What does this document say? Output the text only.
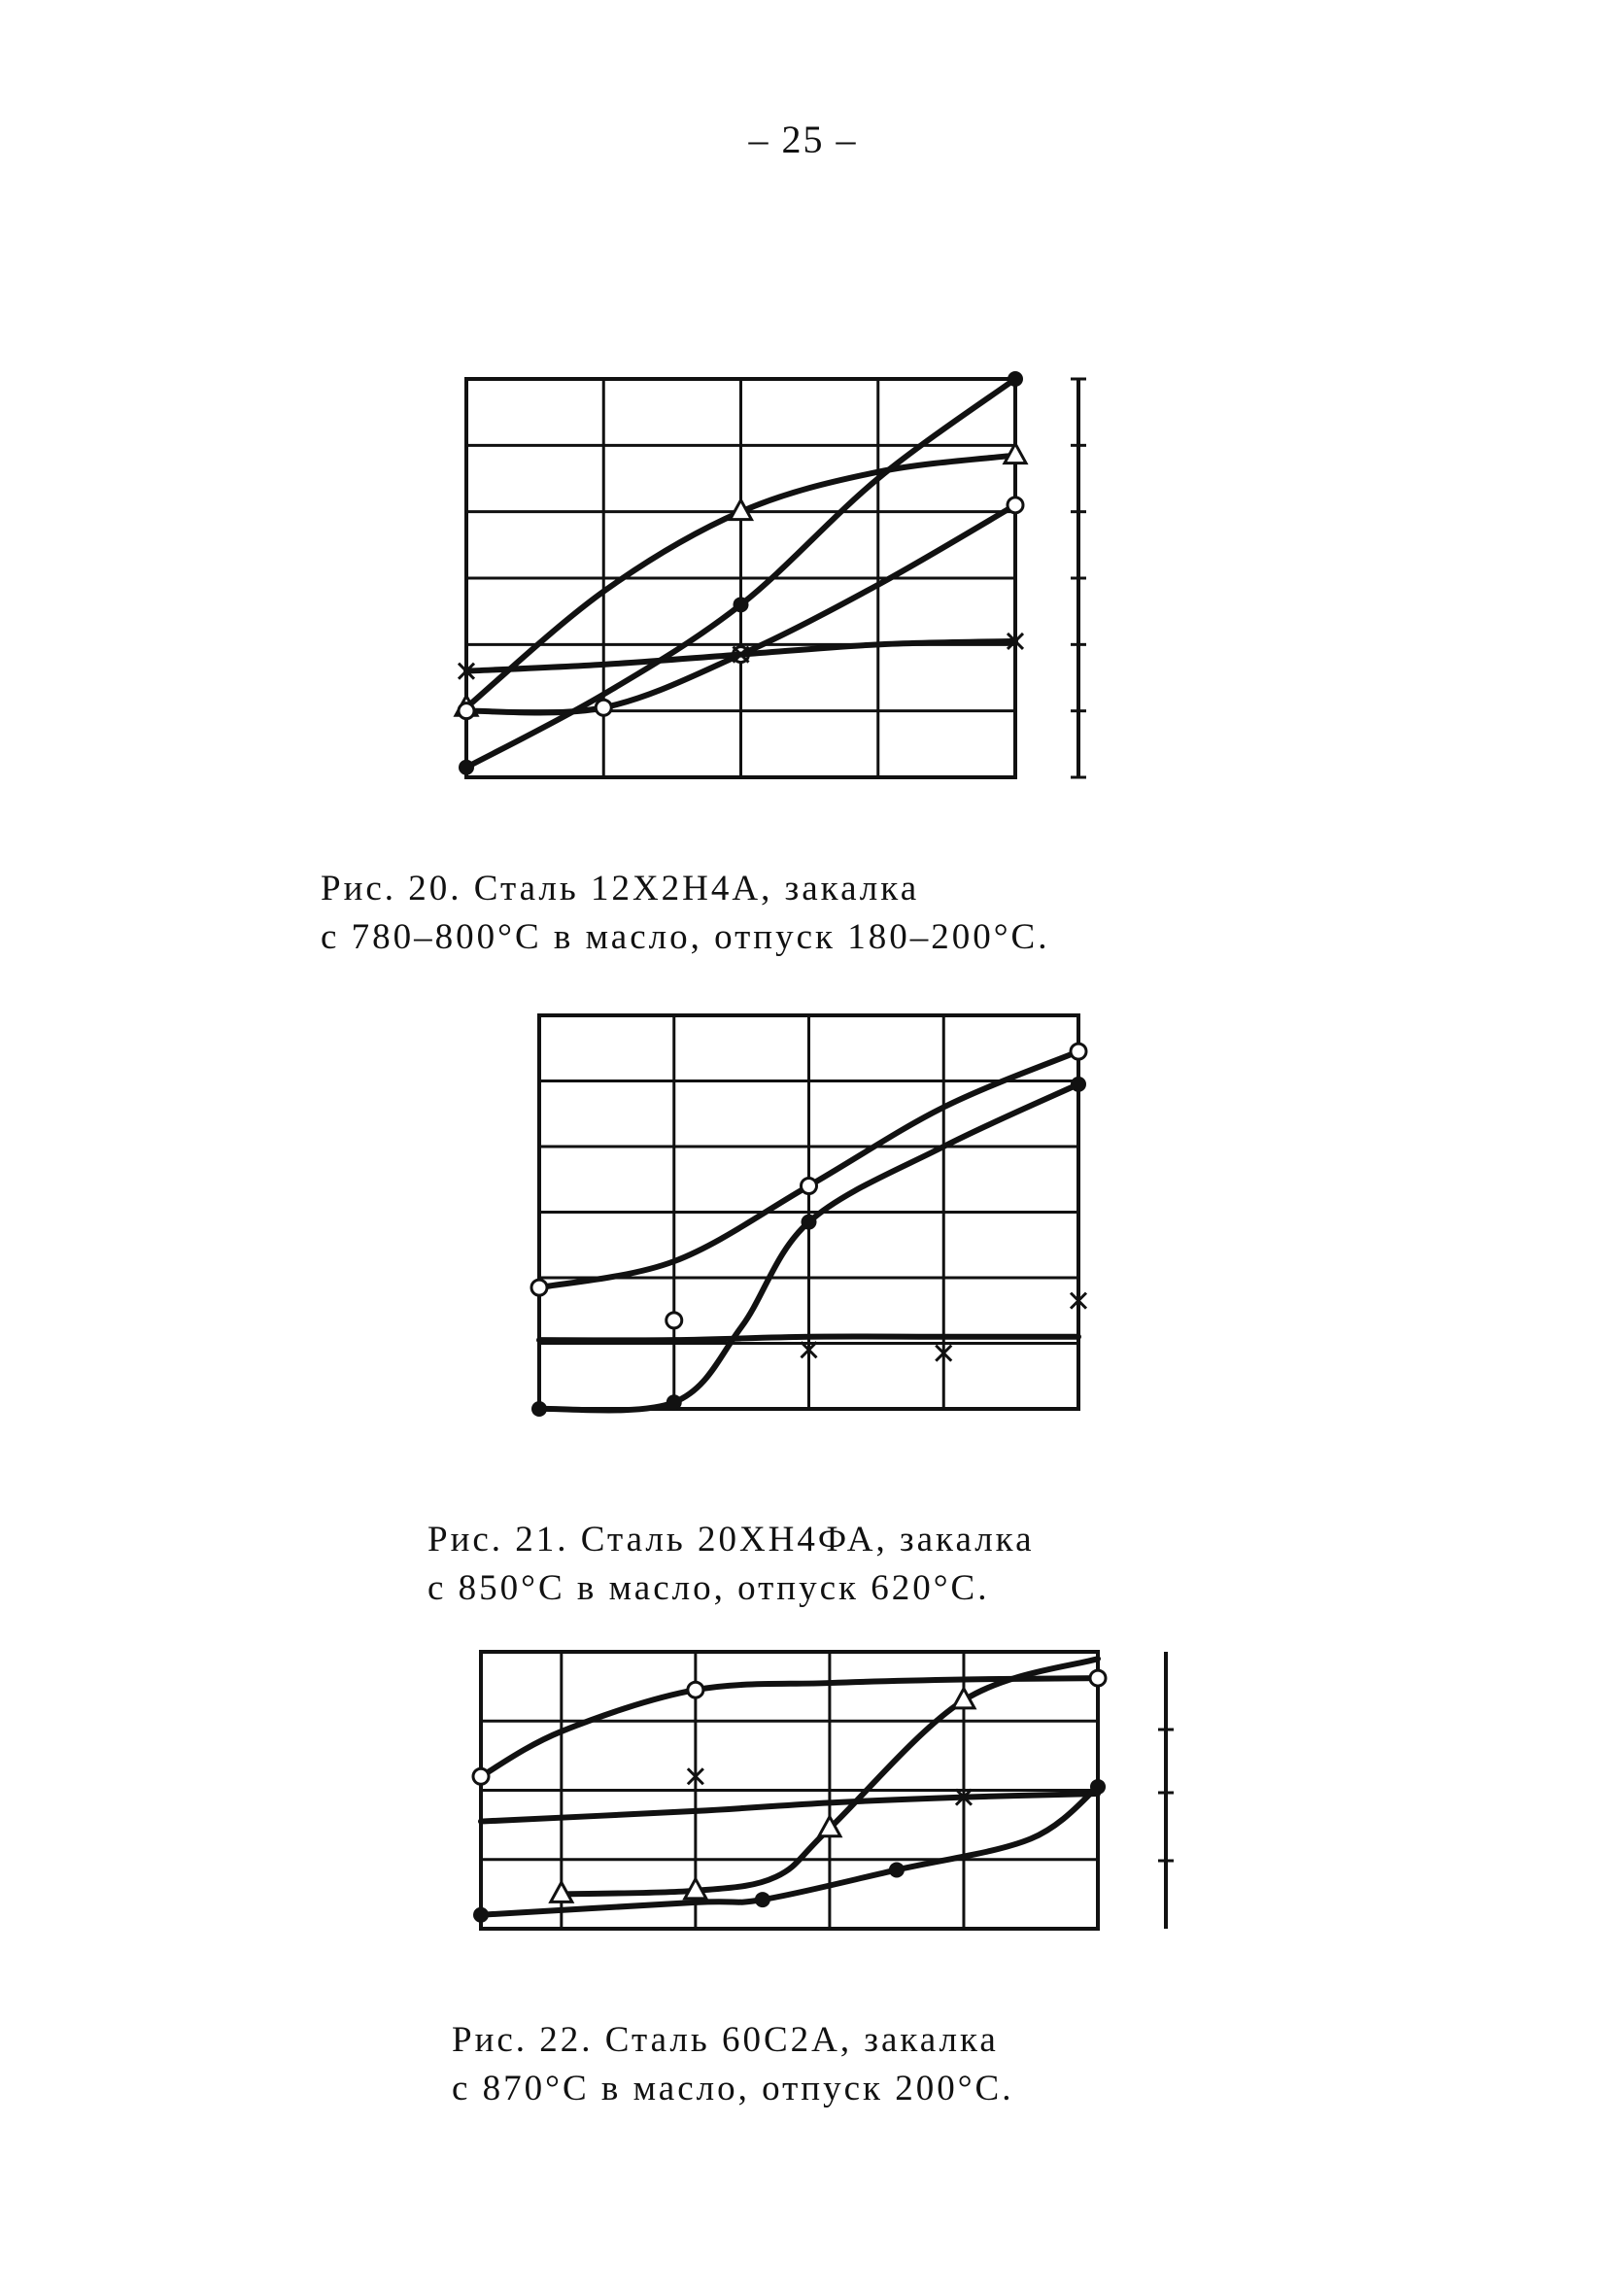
– 25 –
Рис. 20. Сталь 12Х2Н4А, закалка
с 780–800°С в масло, отпуск 180–200°С.
Рис. 21. Сталь 20ХН4ФА, закалка
с 850°С в масло, отпуск 620°С.
Рис. 22. Сталь 60С2А, закалка
с 870°С в масло, отпуск 200°С.
